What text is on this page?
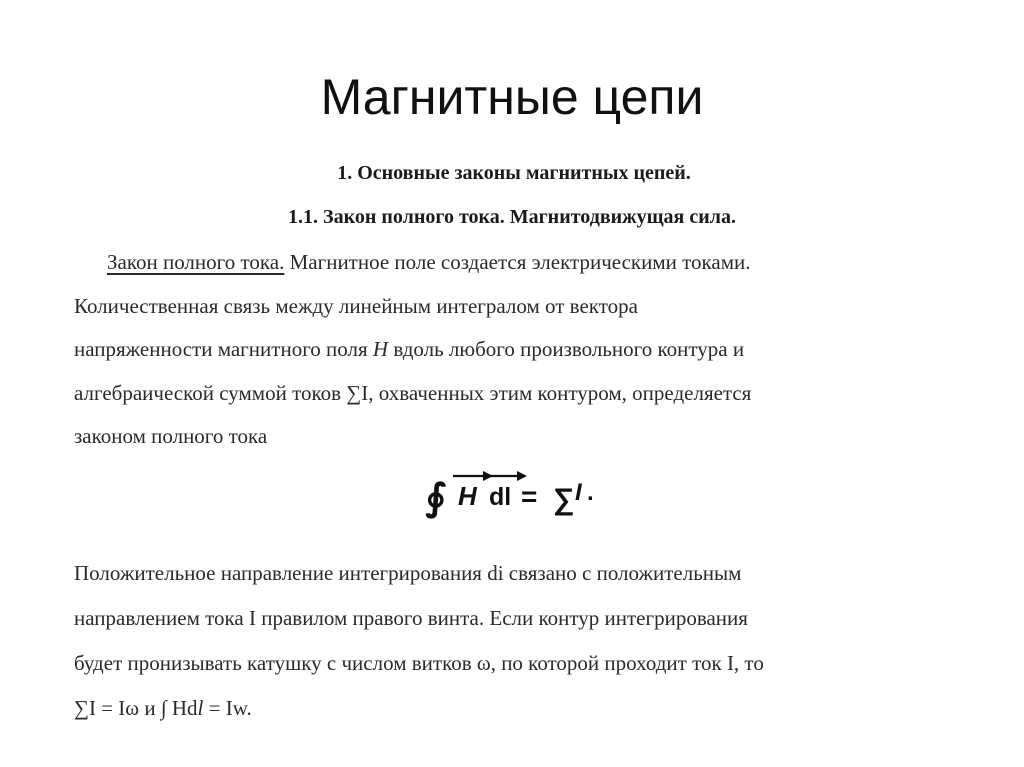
Магнитные цепи
1. Основные законы магнитных цепей.
1.1. Закон полного тока. Магнитодвижущая сила.
Закон полного тока. Магнитное поле создается электрическими токами.
Количественная связь между линейным интегралом от вектора
напряженности магнитного поля H вдоль любого произвольного контура и
алгебраической суммой токов ∑I, охваченных этим контуром, определяется
законом полного тока
∮ H dl = ∑ I .
Положительное направление интегрирования di связано с положительным
направлением тока I правилом правого винта. Если контур интегрирования
будет пронизывать катушку с числом витков ω, по которой проходит ток I, то
∑I = Iω и ∫ Hdl = Iw.
